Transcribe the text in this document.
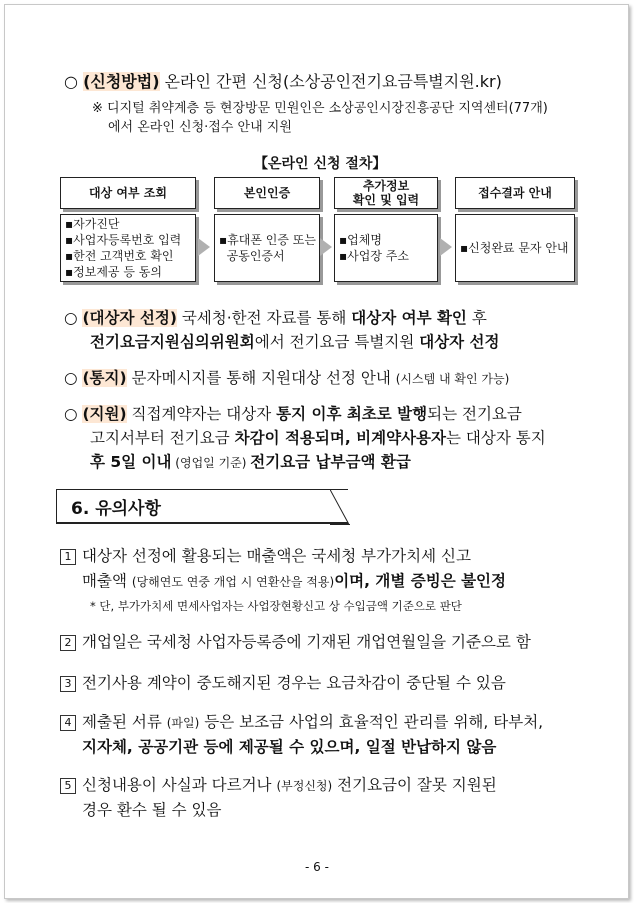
○ (신청방법) 온라인 간편 신청(소상공인전기요금특별지원.kr)
※ 디지털 취약계층 등 현장방문 민원인은 소상공인시장진흥공단 지역센터(77개)
에서 온라인 신청·접수 안내 지원
【온라인 신청 절차】
대상 여부 조회	본인인증	추가정보
확인 및 입력	접수결과 안내
▪자가진단
▪사업자등록번호 입력
▪한전 고객번호 확인
▪정보제공 등 동의
▪휴대폰 인증 또는
공동인증서
▪업체명
▪사업장 주소
▪신청완료 문자 안내
○ (대상자 선정) 국세청·한전 자료를 통해 대상자 여부 확인 후
전기요금지원심의위원회에서 전기요금 특별지원 대상자 선정
○ (통지) 문자메시지를 통해 지원대상 선정 안내 (시스템 내 확인 가능)
○ (지원) 직접계약자는 대상자 통지 이후 최초로 발행되는 전기요금
고지서부터 전기요금 차감이 적용되며, 비계약사용자는 대상자 통지
후 5일 이내 (영업일 기준) 전기요금 납부금액 환급
6. 유의사항
1 대상자 선정에 활용되는 매출액은 국세청 부가가치세 신고
매출액 (당해연도 연중 개업 시 연환산을 적용)이며, 개별 증빙은 불인정
* 단, 부가가치세 면세사업자는 사업장현황신고 상 수입금액 기준으로 판단
2 개업일은 국세청 사업자등록증에 기재된 개업연월일을 기준으로 함
3 전기사용 계약이 중도해지된 경우는 요금차감이 중단될 수 있음
4 제출된 서류 (파일) 등은 보조금 사업의 효율적인 관리를 위해, 타부처,
지자체, 공공기관 등에 제공될 수 있으며, 일절 반납하지 않음
5 신청내용이 사실과 다르거나 (부정신청) 전기요금이 잘못 지원된
경우 환수 될 수 있음
- 6 -
